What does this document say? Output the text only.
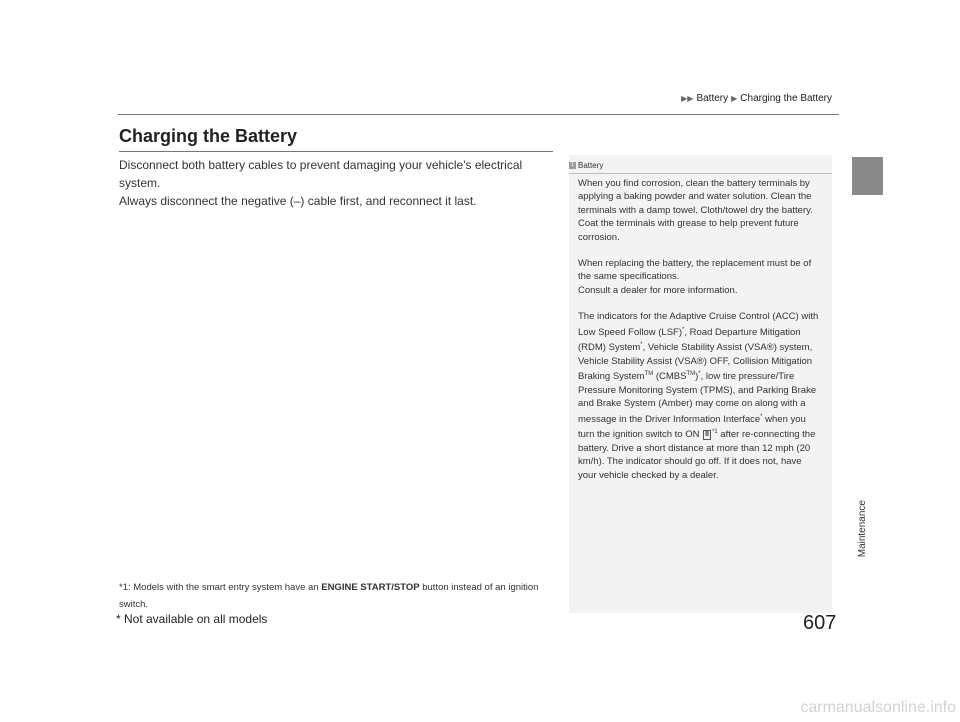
▶▶ Battery ▶ Charging the Battery
Maintenance
Charging the Battery

Disconnect both battery cables to prevent damaging your vehicle's electrical system.
Always disconnect the negative (–) cable first, and reconnect it last.

*1: Models with the smart entry system have an ENGINE START/STOP button instead of an ignition switch.

1 Battery

When you find corrosion, clean the battery terminals by applying a baking powder and water solution. Clean the terminals with a damp towel. Cloth/towel dry the battery. Coat the terminals with grease to help prevent future corrosion.

When replacing the battery, the replacement must be of the same specifications.
Consult a dealer for more information.

The indicators for the Adaptive Cruise Control (ACC) with Low Speed Follow (LSF)*, Road Departure Mitigation (RDM) System*, Vehicle Stability Assist (VSA®) system, Vehicle Stability Assist (VSA®) OFF, Collision Mitigation Braking System™ (CMBS™)*, low tire pressure/Tire Pressure Monitoring System (TPMS), and Parking Brake and Brake System (Amber) may come on along with a message in the Driver Information Interface* when you turn the ignition switch to ON II $^{*1}$ after re-connecting the battery. Drive a short distance at more than 12 mph (20 km/h). The indicator should go off. If it does not, have your vehicle checked by a dealer.

* Not available on all models	607
carmanualsonline.info
